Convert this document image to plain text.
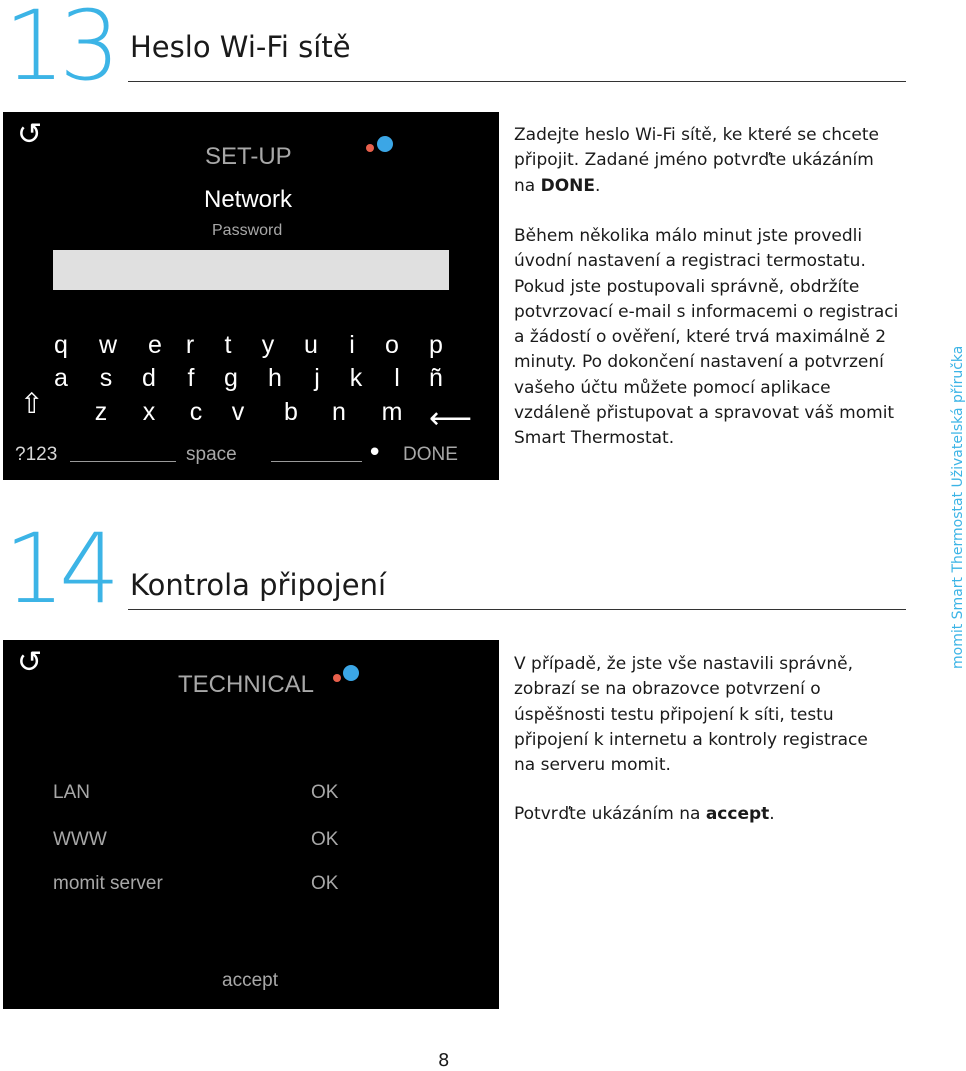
13 Heslo Wi-Fi sítě
↺
SET-UP
Network
Password
q w e r	t	y u	i	o p
a s d	f	g h	j	k	l	ñ
z x c v b n m
⇧	⟵
?123	space	• DONE
Zadejte heslo Wi-Fi sítě, ke které se chcete připojit. Zadané jméno potvrďte ukázáním na DONE.
Během několika málo minut jste provedli úvodní nastavení a registraci termostatu. Pokud jste postupovali správně, obdržíte potvrzovací e-mail s informacemi o registraci a žádostí o ověření, které trvá maximálně 2 minuty. Po dokončení nastavení a potvrzení vašeho účtu můžete pomocí aplikace vzdáleně přistupovat a spravovat váš momit Smart Thermostat.
14 Kontrola připojení
↺
TECHNICAL
LAN	OK
WWW	OK
momit server	OK
accept
V případě, že jste vše nastavili správně, zobrazí se na obrazovce potvrzení o úspěšnosti testu připojení k síti, testu připojení k internetu a kontroly registrace na serveru momit.
Potvrďte ukázáním na accept.
momit Smart Thermostat Uživatelská příručka
8
